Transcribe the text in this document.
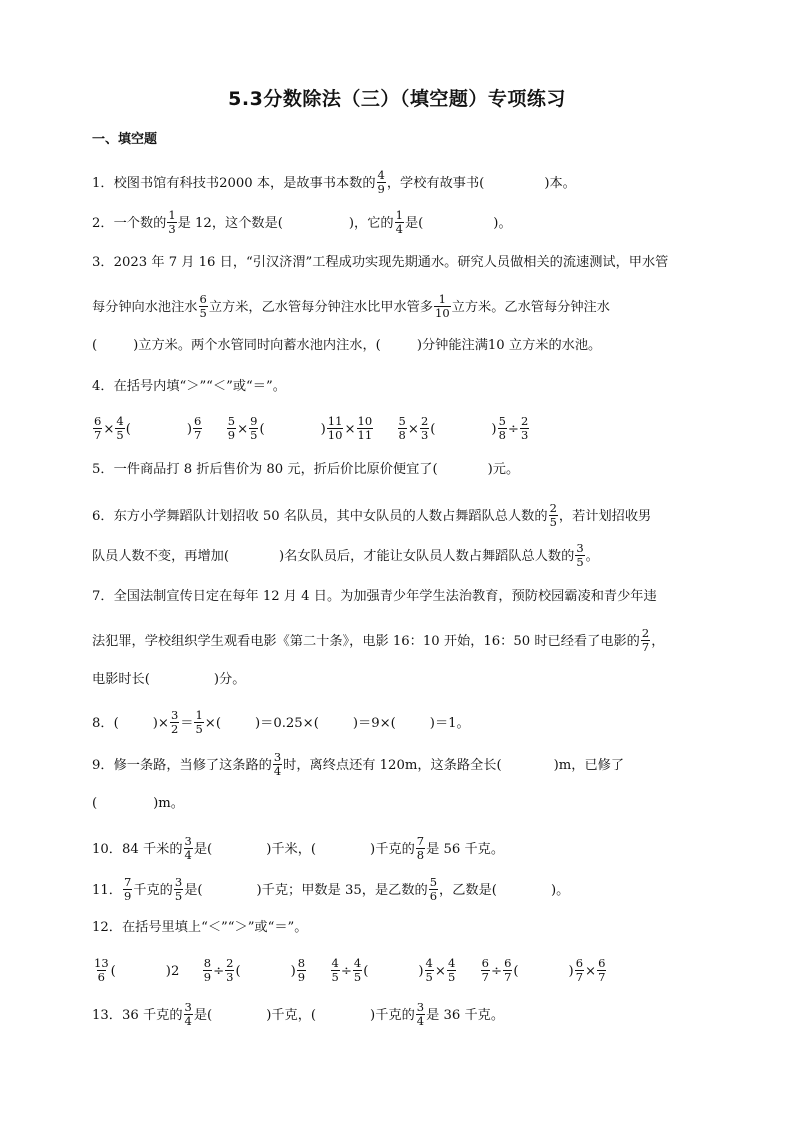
5.3分数除法（三）（填空题）专项练习
一、填空题
1．校图书馆有科技书2000 本，是故事书本数的 $\frac{4}{9}$ ，学校有故事书(	)本。
2．一个数的 $\frac{1}{3}$ 是 12，这个数是(	)，它的 $\frac{1}{4}$ 是(	)。
3．2023 年 7 月 16 日，“引汉济渭”工程成功实现先期通水。研究人员做相关的流速测试，甲水管
每分钟向水池注水 $\frac{6}{5}$ 立方米，乙水管每分钟注水比甲水管多 $\frac{1}{10}$ 立方米。乙水管每分钟注水
(	)立方米。两个水管同时向蓄水池内注水，(	)分钟能注满10 立方米的水池。
4．在括号内填“＞”“＜”或“＝”。
$\frac{6}{7} \times \frac{4}{5}$ (	) $\frac{6}{7}$
$\frac{5}{9} \times \frac{9}{5}$ (	) $\frac{11}{10} \times \frac{10}{11}$
$\frac{5}{8} \times \frac{2}{3}$ (	) $\frac{5}{8} \div \frac{2}{3}$
5．一件商品打 8 折后售价为 80 元，折后价比原价便宜了(	)元。
6．东方小学舞蹈队计划招收 50 名队员，其中女队员的人数占舞蹈队总人数的 $\frac{2}{5}$ ，若计划招收男
队员人数不变，再增加(	)名女队员后，才能让女队员人数占舞蹈队总人数的 $\frac{3}{5}$ 。
7．全国法制宣传日定在每年 12 月 4 日。为加强青少年学生法治教育，预防校园霸凌和青少年违
法犯罪，学校组织学生观看电影《第二十条》，电影 16：10 开始，16：50 时已经看了电影的 $\frac{2}{7}$ ，
电影时长(	)分。
8．(	)× $\frac{3}{2} = \frac{1}{5}$ ×(	)＝0.25×(	)＝9×(	)＝1。
9．修一条路，当修了这条路的 $\frac{3}{4}$ 时，离终点还有 120m，这条路全长(	)m，已修了
(	)m。
10．84 千米的 $\frac{3}{4}$ 是(	)千米，(	)千克的 $\frac{7}{8}$ 是 56 千克。
11． $\frac{7}{9}$ 千克的 $\frac{3}{5}$ 是(	)千克；甲数是 35，是乙数的 $\frac{5}{6}$ ，乙数是(	)。
12．在括号里填上“＜”“＞”或“＝”。
$\frac{13}{6}$ (	)$2 \frac{8}{9} \div \frac{2}{3}$ (	) $\frac{8}{9}$
$\frac{4}{5} \div \frac{4}{5}$ (	) $\frac{4}{5} \times \frac{4}{5}$
$\frac{6}{7} \div \frac{6}{7}$ (	) $\frac{6}{7} \times \frac{6}{7}$
13．36 千克的 $\frac{3}{4}$ 是(	)千克，(	)千克的 $\frac{3}{4}$ 是 36 千克。
